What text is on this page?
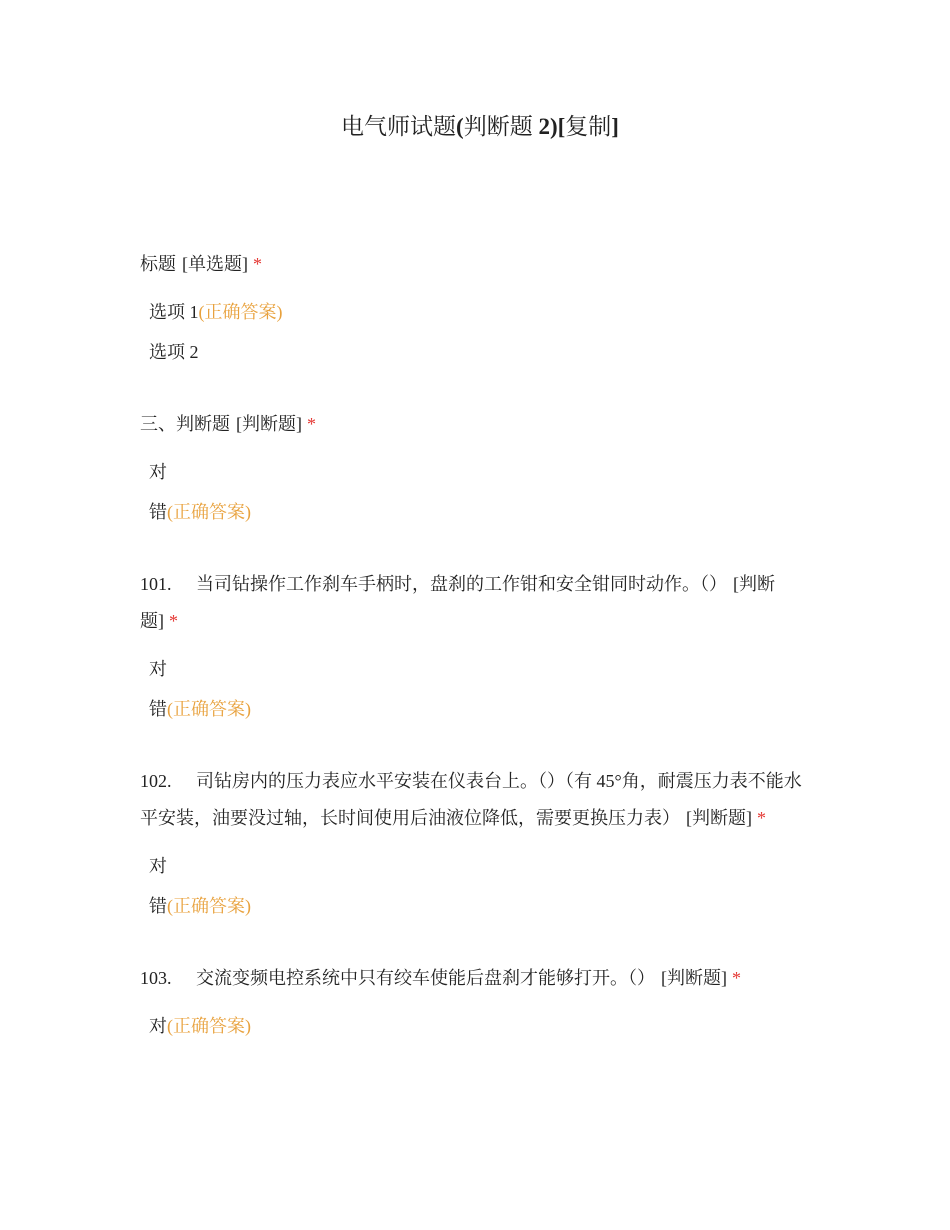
电气师试题(判断题 2)[复制]
标题 [单选题] *
选项 1(正确答案)
选项 2
三、判断题 [判断题] *
对
错(正确答案)
101. 当司钻操作工作刹车手柄时，盘刹的工作钳和安全钳同时动作。（） [判断题] *
对
错(正确答案)
102. 司钻房内的压力表应水平安装在仪表台上。（）（有 45°角，耐震压力表不能水平安装，油要没过轴，长时间使用后油液位降低，需要更换压力表） [判断题] *
对
错(正确答案)
103. 交流变频电控系统中只有绞车使能后盘刹才能够打开。（） [判断题] *
对(正确答案)
